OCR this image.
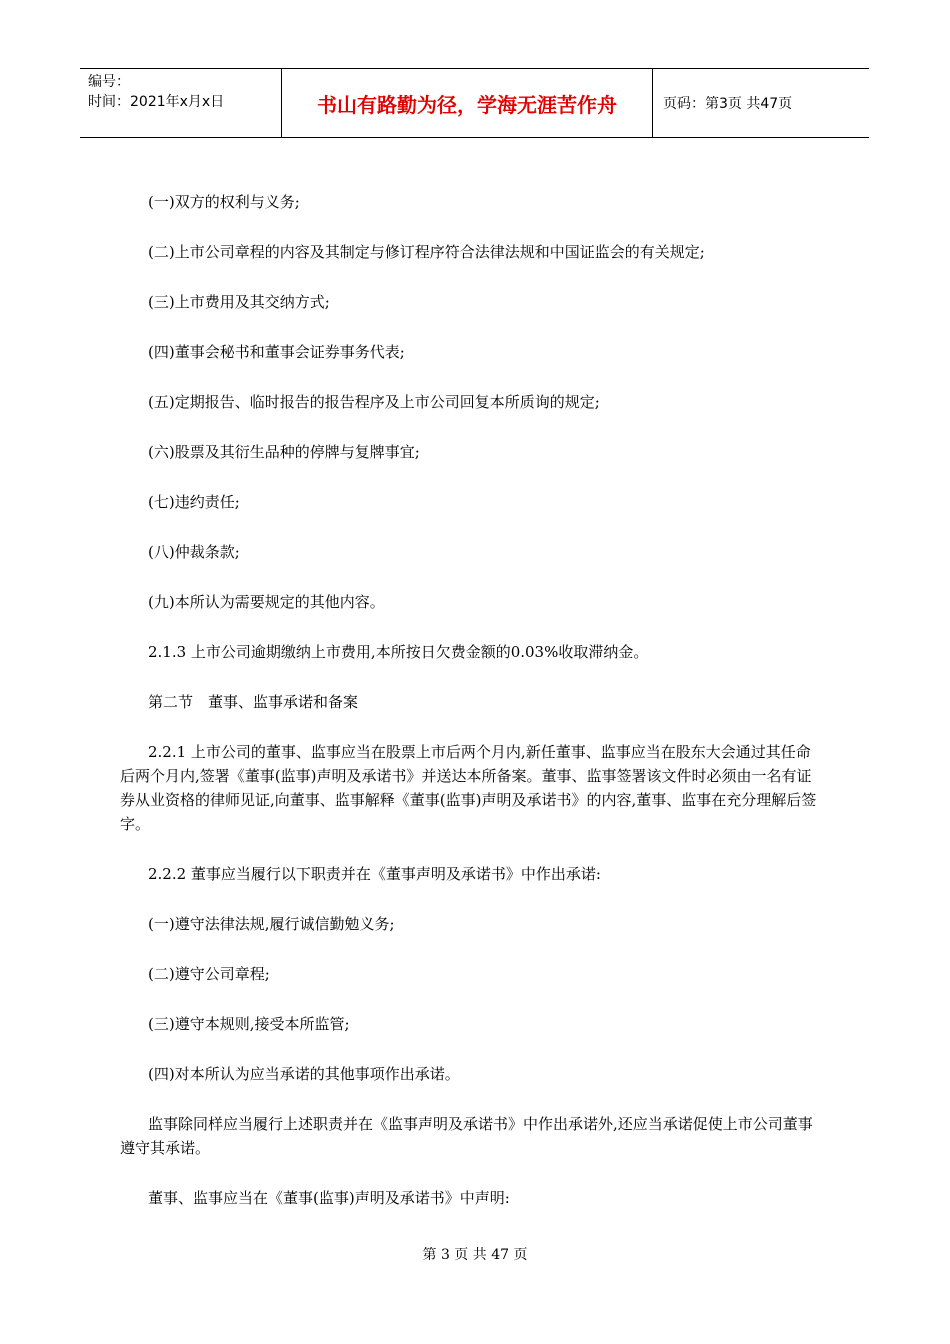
编号：
时间：2021年x月x日	书山有路勤为径，学海无涯苦作舟	页码：第3页 共47页

(一)双方的权利与义务;

(二)上市公司章程的内容及其制定与修订程序符合法律法规和中国证监会的有关规定;

(三)上市费用及其交纳方式;

(四)董事会秘书和董事会证券事务代表;

(五)定期报告、临时报告的报告程序及上市公司回复本所质询的规定;

(六)股票及其衍生品种的停牌与复牌事宜;

(七)违约责任;

(八)仲裁条款;

(九)本所认为需要规定的其他内容。

2.1.3 上市公司逾期缴纳上市费用,本所按日欠费金额的0.03%收取滞纳金。

第二节　董事、监事承诺和备案

2.2.1 上市公司的董事、监事应当在股票上市后两个月内,新任董事、监事应当在股东大会通过其任命后两个月内,签署《董事(监事)声明及承诺书》并送达本所备案。董事、监事签署该文件时必须由一名有证券从业资格的律师见证,向董事、监事解释《董事(监事)声明及承诺书》的内容,董事、监事在充分理解后签字。

2.2.2 董事应当履行以下职责并在《董事声明及承诺书》中作出承诺:

(一)遵守法律法规,履行诚信勤勉义务;

(二)遵守公司章程;

(三)遵守本规则,接受本所监管;

(四)对本所认为应当承诺的其他事项作出承诺。

监事除同样应当履行上述职责并在《监事声明及承诺书》中作出承诺外,还应当承诺促使上市公司董事遵守其承诺。

董事、监事应当在《董事(监事)声明及承诺书》中声明:

第 3 页 共 47 页
